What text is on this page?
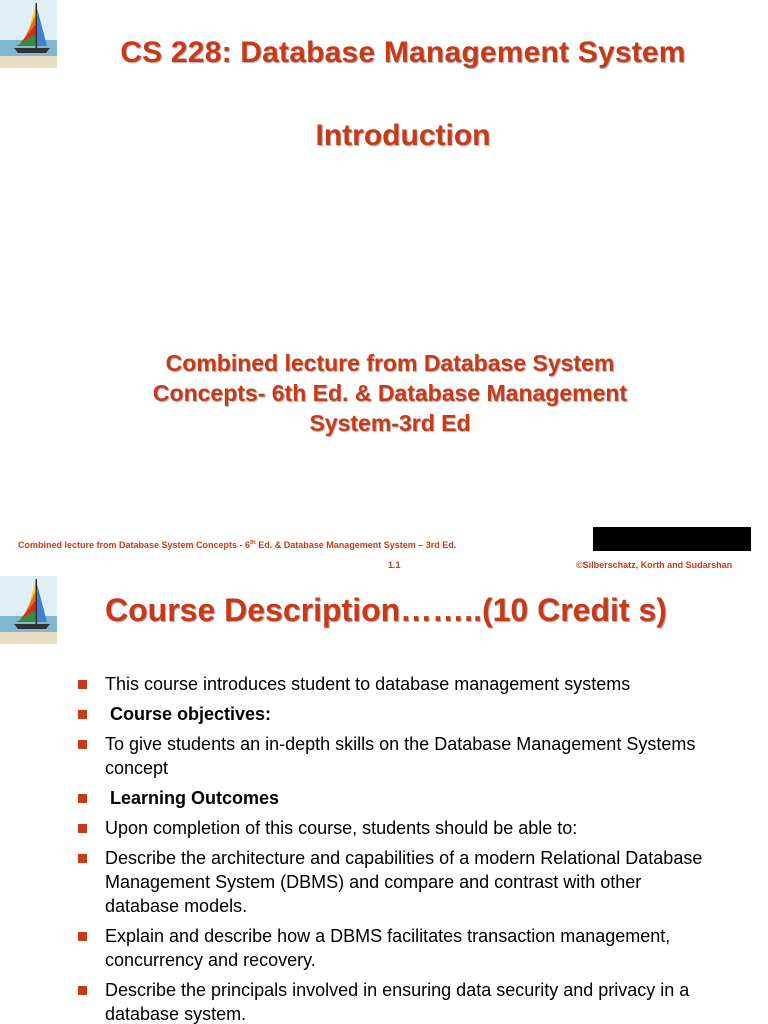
CS 228: Database Management System
Introduction
Combined lecture from Database System
Concepts- 6th Ed. & Database Management
System-3rd Ed
Combined lecture from Database System Concepts - 6th Ed. & Database Management System – 3rd Ed.
1.1	©Silberschatz, Korth and Sudarshan
Course Description……..(10 Credit s)
This course introduces student to database management systems
Course objectives:
To give students an in-depth skills on the Database Management Systems concept
Learning Outcomes
Upon completion of this course, students should be able to:
Describe the architecture and capabilities of a modern Relational Database Management System (DBMS) and compare and contrast with other database models.
Explain and describe how a DBMS facilitates transaction management, concurrency and recovery.
Describe the principals involved in ensuring data security and privacy in a database system.
